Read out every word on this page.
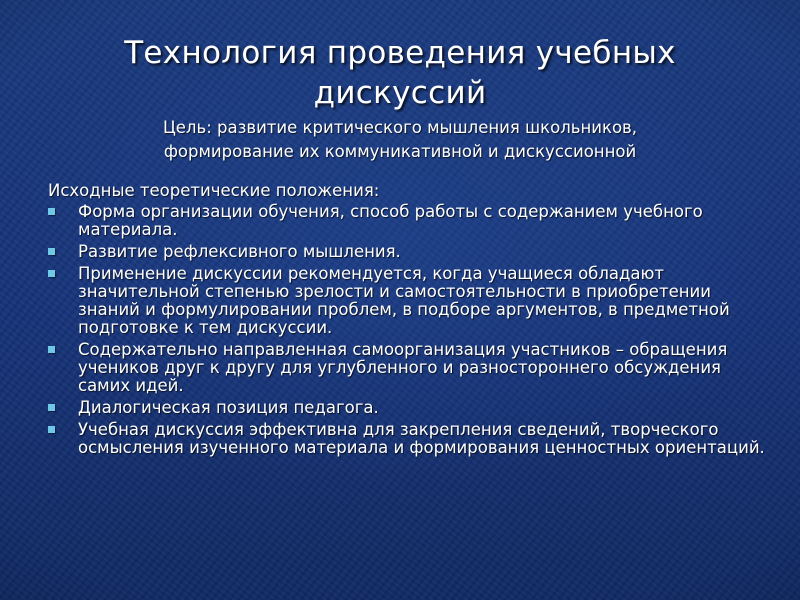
Технология проведения учебных дискуссий
Цель: развитие критического мышления школьников,
формирование их коммуникативной и дискуссионной
Исходные теоретические положения:
Форма организации обучения, способ работы с содержанием учебного материала.
Развитие рефлексивного мышления.
Применение дискуссии рекомендуется, когда учащиеся обладают значительной степенью зрелости и самостоятельности в приобретении знаний и формулировании проблем, в подборе аргументов, в предметной подготовке к тем дискуссии.
Содержательно направленная самоорганизация участников – обращения учеников друг к другу для углубленного и разностороннего обсуждения самих идей.
Диалогическая позиция педагога.
Учебная дискуссия эффективна для закрепления сведений, творческого осмысления изученного материала и формирования ценностных ориентаций.
